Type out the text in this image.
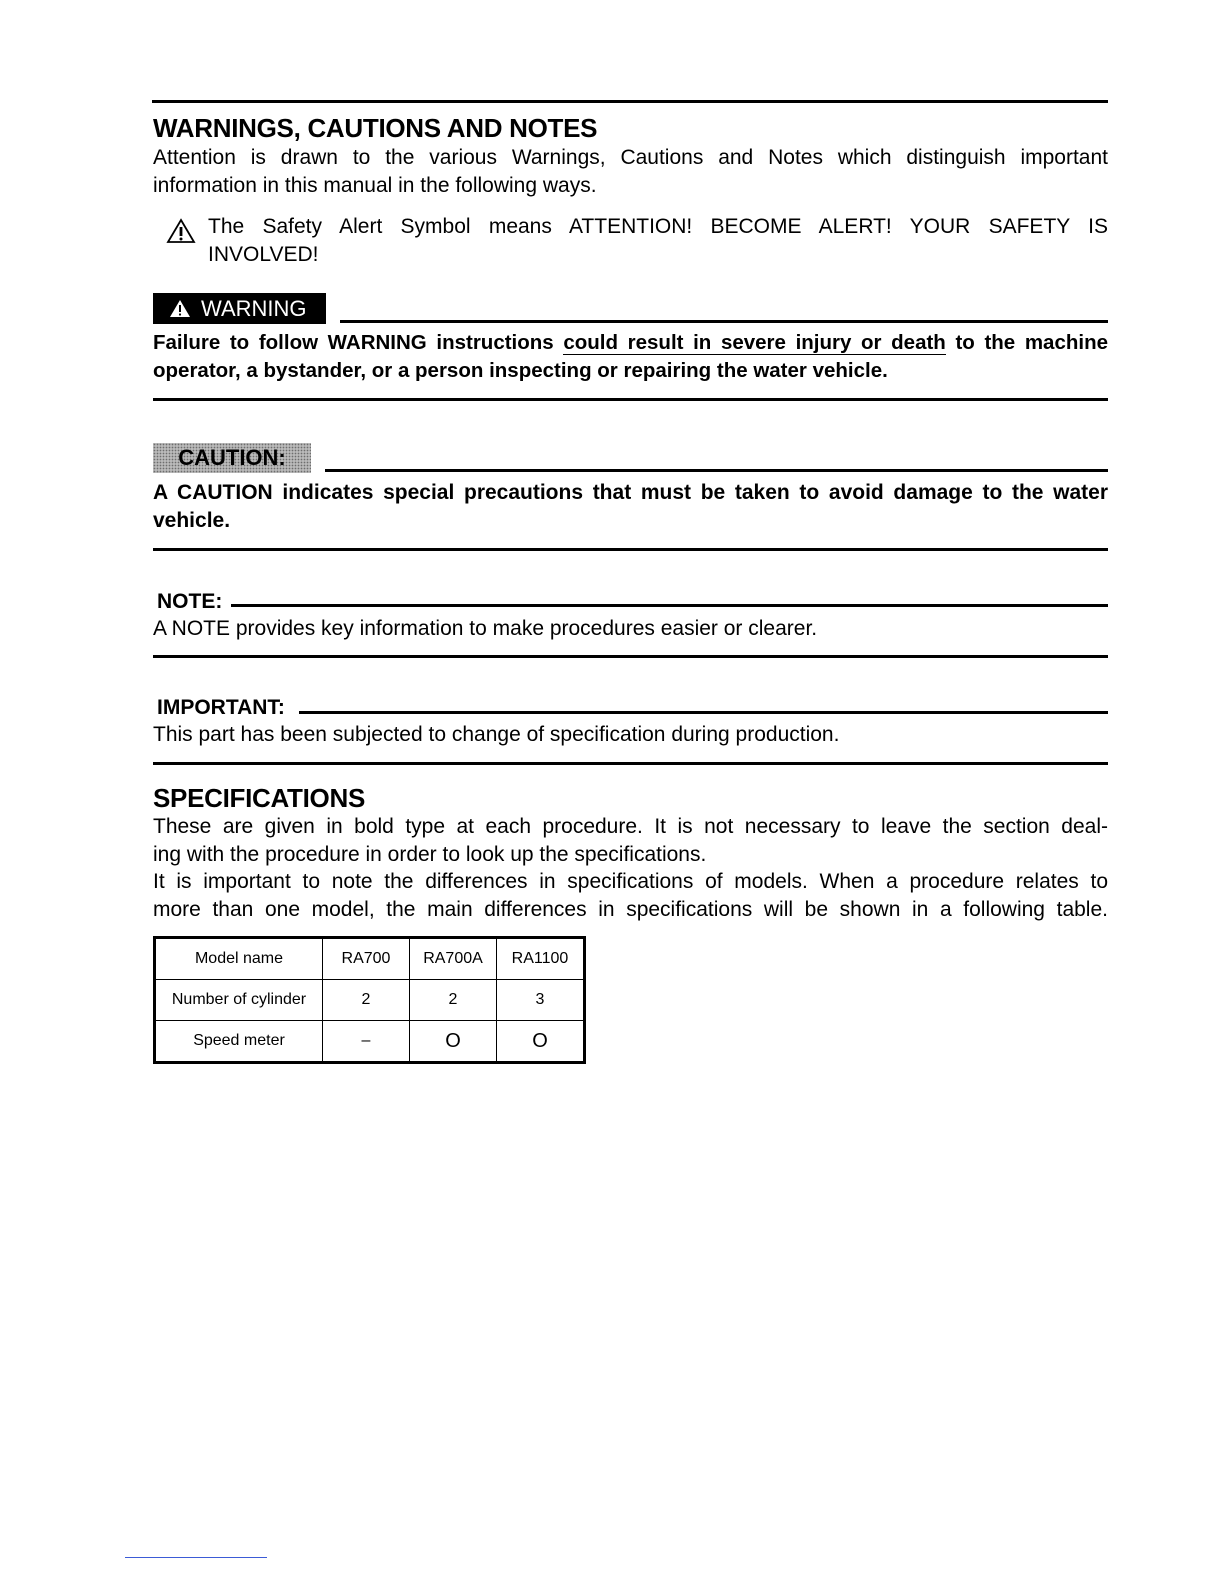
WARNINGS, CAUTIONS AND NOTES
Attention is drawn to the various Warnings, Cautions and Notes which distinguish important information in this manual in the following ways.
The Safety Alert Symbol means ATTENTION! BECOME ALERT! YOUR SAFETY IS
INVOLVED!
WARNING
Failure to follow WARNING instructions could result in severe injury or death to the machine operator, a bystander, or a person inspecting or repairing the water vehicle.
CAUTION:
A CAUTION indicates special precautions that must be taken to avoid damage to the water vehicle.
NOTE:
A NOTE provides key information to make procedures easier or clearer.
IMPORTANT:
This part has been subjected to change of specification during production.
SPECIFICATIONS
These are given in bold type at each procedure. It is not necessary to leave the section deal-
ing with the procedure in order to look up the specifications.
It is important to note the differences in specifications of models. When a procedure relates to
more than one model, the main differences in specifications will be shown in a following table.
Model name	RA700	RA700A	RA1100
Number of cylinder	2	2	3
Speed meter	–	O	O
